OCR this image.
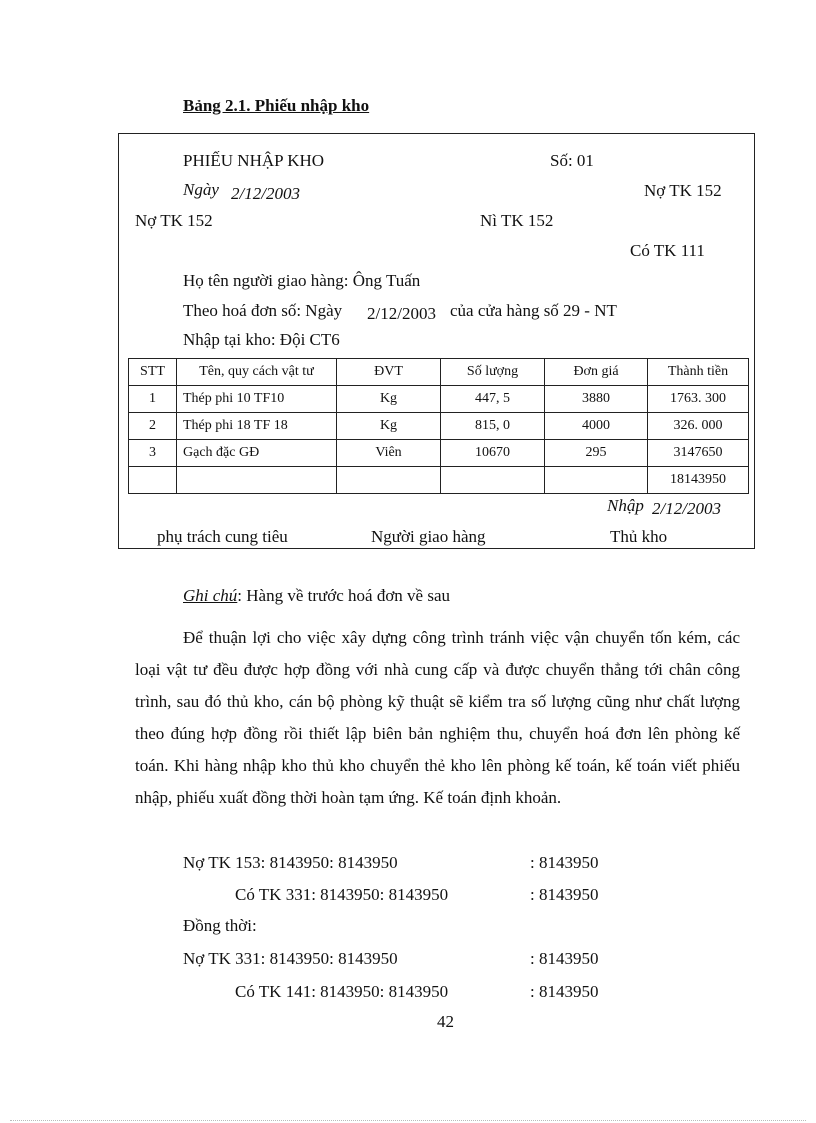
Bảng 2.1. Phiếu nhập kho
PHIẾU NHẬP KHO	Số: 01
Ngày 2/12/2003	Nợ TK 152
Nợ TK 152	Nì TK 152
Có TK 111
Họ tên người giao hàng: Ông Tuấn
Theo hoá đơn số: Ngày 2/12/2003 của cửa hàng số 29 - NT
Nhập tại kho: Đội CT6
STT	Tên, quy cách vật tư	ĐVT	Số lượng	Đơn giá	Thành tiền
1	Thép phi 10 TF10	Kg	447, 5	3880	1763. 300
2	Thép phi 18 TF 18	Kg	815, 0	4000	326. 000
3	Gạch đặc GĐ	Viên	10670	295	3147650
					18143950
Nhập 2/12/2003
phụ trách cung tiêu	Người giao hàng	Thủ kho
Ghi chú: Hàng về trước hoá đơn về sau

Để thuận lợi cho việc xây dựng công trình tránh việc vận chuyển tốn kém, các loại vật tư đều được hợp đồng với nhà cung cấp và được chuyển thẳng tới chân công trình, sau đó thủ kho, cán bộ phòng kỹ thuật sẽ kiểm tra số lượng cũng như chất lượng theo đúng hợp đồng rồi thiết lập biên bản nghiệm thu, chuyển hoá đơn lên phòng kế toán. Khi hàng nhập kho thủ kho chuyển thẻ kho lên phòng kế toán, kế toán viết phiếu nhập, phiếu xuất đồng thời hoàn tạm ứng. Kế toán định khoản.

Nợ TK 153: 8143950: 8143950	: 8143950
Có TK 331: 8143950: 8143950	: 8143950
Đồng thời:
Nợ TK 331: 8143950: 8143950	: 8143950
Có TK 141: 8143950: 8143950	: 8143950
42
